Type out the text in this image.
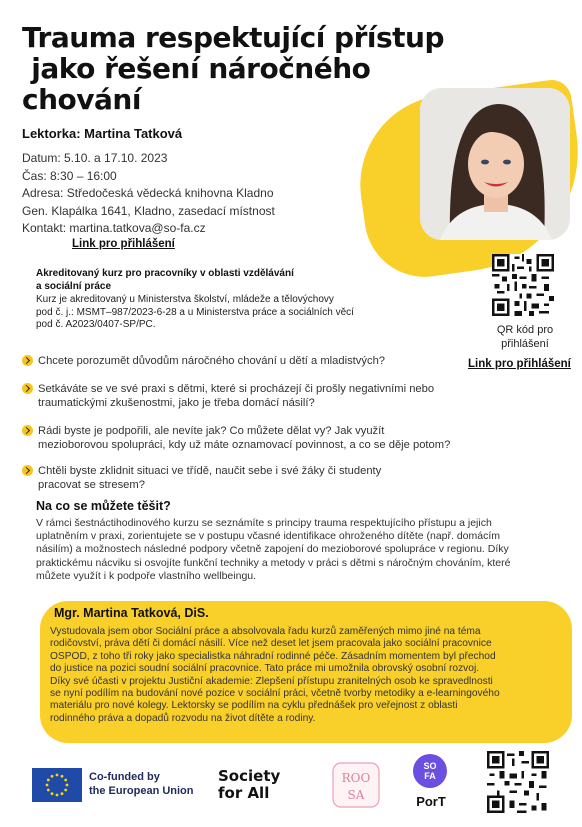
Trauma respektující přístup
jako řešení náročného
chování
Lektorka: Martina Tatková
Datum: 5.10. a 17.10. 2023
Čas: 8:30 – 16:00
Adresa: Středočeská vědecká knihovna Kladno
Gen. Klapálka 1641, Kladno, zasedací místnost
Kontakt: martina.tatkova@so-fa.cz
Link pro přihlášení
Akreditovaný kurz pro pracovníky v oblasti vzdělávání
a sociální práce
Kurz je akreditovaný u Ministerstva školství, mládeže a tělovýchovy
pod č. j.: MSMT–987/2023-6-28 a u Ministerstva práce a sociálních věcí
pod č. A2023/0407-SP/PC.	QR kód pro
přihlášení
Link pro přihlášení
Chcete porozumět důvodům náročného chování u dětí a mladistvých?
Setkáváte se ve své praxi s dětmi, které si procházejí či prošly negativními nebo
traumatickými zkušenostmi, jako je třeba domácí násilí?
Rádi byste je podpořili, ale nevíte jak? Co můžete dělat vy? Jak využít
mezioborovou spolupráci, kdy už máte oznamovací povinnost, a co se děje potom?
Chtěli byste zklidnit situaci ve třídě, naučit sebe i své žáky či studenty
pracovat se stresem?
Na co se můžete těšit?
V rámci šestnáctihodinového kurzu se seznámíte s principy trauma respektujícího přístupu a jejich
uplatněním v praxi, zorientujete se v postupu včasné identifikace ohroženého dítěte (např. domácím
násilím) a možnostech následné podpory včetně zapojení do mezioborové spolupráce v regionu. Díky
praktickému nácviku si osvojíte funkční techniky a metody v práci s dětmi s náročným chováním, které
můžete využít i k podpoře vlastního wellbeingu.
Mgr. Martina Tatková, DiS.
Vystudovala jsem obor Sociální práce a absolvovala řadu kurzů zaměřených mimo jiné na téma
rodičovství, práva dětí či domácí násilí. Více než deset let jsem pracovala jako sociální pracovnice
OSPOD, z toho tři roky jako specialistka náhradní rodinné péče. Zásadním momentem byl přechod
do justice na pozici soudní sociální pracovnice. Tato práce mi umožnila obrovský osobní rozvoj.
Díky své účasti v projektu Justiční akademie: Zlepšení přístupu zranitelných osob ke spravedlnosti
se nyní podílím na budování nové pozice v sociální práci, včetně tvorby metodiky a e-learningového
materiálu pro nové kolegy. Lektorsky se podílím na cyklu přednášek pro veřejnost z oblasti
rodinného práva a dopadů rozvodu na život dítěte a rodiny.
Co-funded by
the European Union
Society
for All
ROO
SA
SO
FA
PorT
